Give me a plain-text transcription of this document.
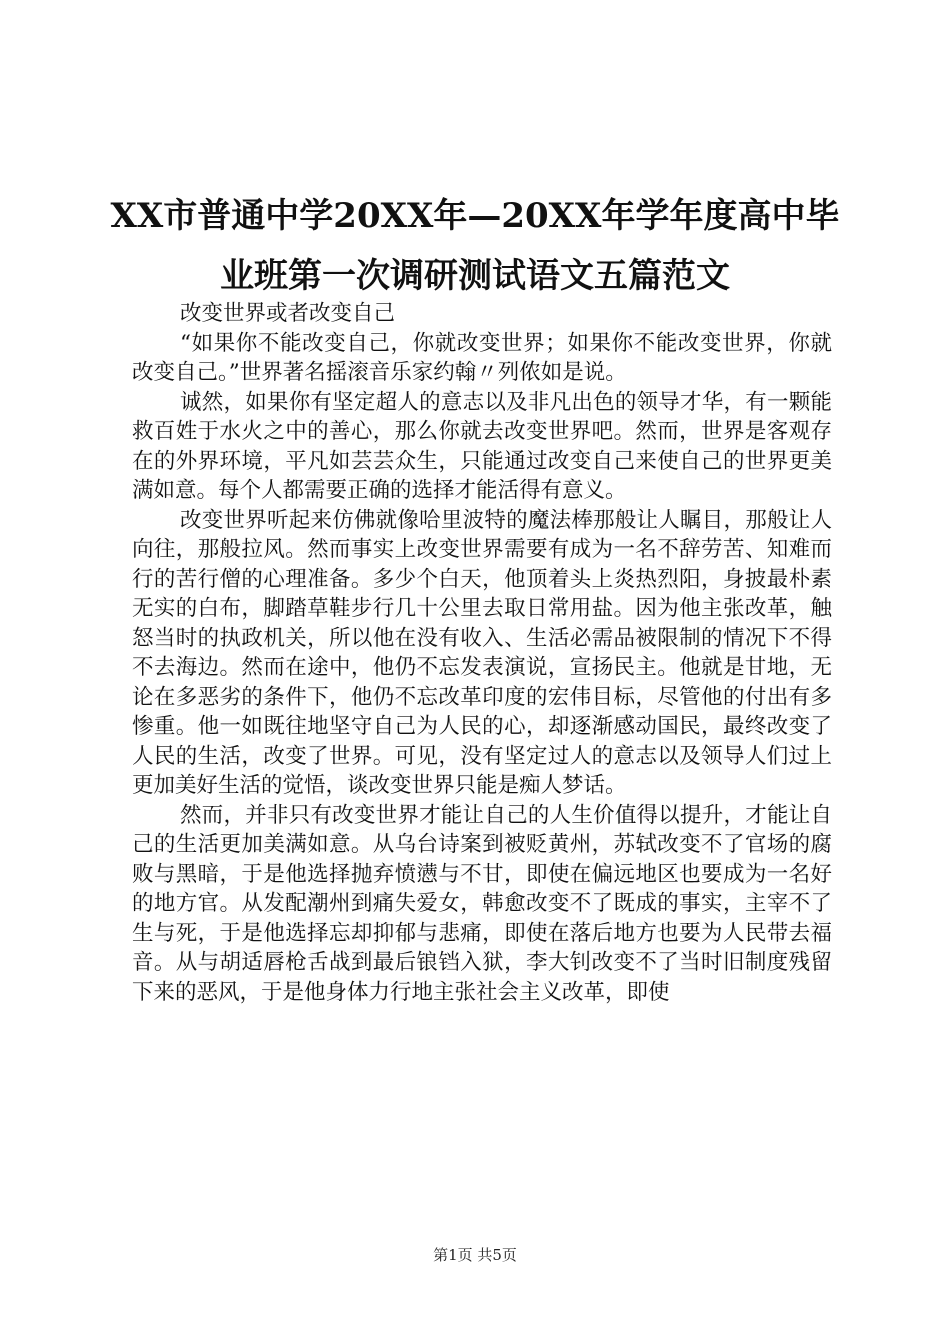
XX市普通中学20XX年—20XX年学年度高中毕
业班第一次调研测试语文五篇范文

改变世界或者改变自己

“如果你不能改变自己，你就改变世界；如果你不能改变世界，你就改变自己。”世界著名摇滚音乐家约翰〃列侬如是说。

诚然，如果你有坚定超人的意志以及非凡出色的领导才华，有一颗能救百姓于水火之中的善心，那么你就去改变世界吧。然而，世界是客观存在的外界环境，平凡如芸芸众生，只能通过改变自己来使自己的世界更美满如意。每个人都需要正确的选择才能活得有意义。

改变世界听起来仿佛就像哈里波特的魔法棒那般让人瞩目，那般让人向往，那般拉风。然而事实上改变世界需要有成为一名不辞劳苦、知难而行的苦行僧的心理准备。多少个白天，他顶着头上炎热烈阳，身披最朴素无实的白布，脚踏草鞋步行几十公里去取日常用盐。因为他主张改革，触怒当时的执政机关，所以他在没有收入、生活必需品被限制的情况下不得不去海边。然而在途中，他仍不忘发表演说，宣扬民主。他就是甘地，无论在多恶劣的条件下，他仍不忘改革印度的宏伟目标，尽管他的付出有多惨重。他一如既往地坚守自己为人民的心，却逐渐感动国民，最终改变了人民的生活，改变了世界。可见，没有坚定过人的意志以及领导人们过上更加美好生活的觉悟，谈改变世界只能是痴人梦话。

然而，并非只有改变世界才能让自己的人生价值得以提升，才能让自己的生活更加美满如意。从乌台诗案到被贬黄州，苏轼改变不了官场的腐败与黑暗，于是他选择抛弃愤懑与不甘，即使在偏远地区也要成为一名好的地方官。从发配潮州到痛失爱女，韩愈改变不了既成的事实，主宰不了生与死，于是他选择忘却抑郁与悲痛，即使在落后地方也要为人民带去福音。从与胡适唇枪舌战到最后锒铛入狱，李大钊改变不了当时旧制度残留下来的恶风，于是他身体力行地主张社会主义改革，即使

第1页 共5页
